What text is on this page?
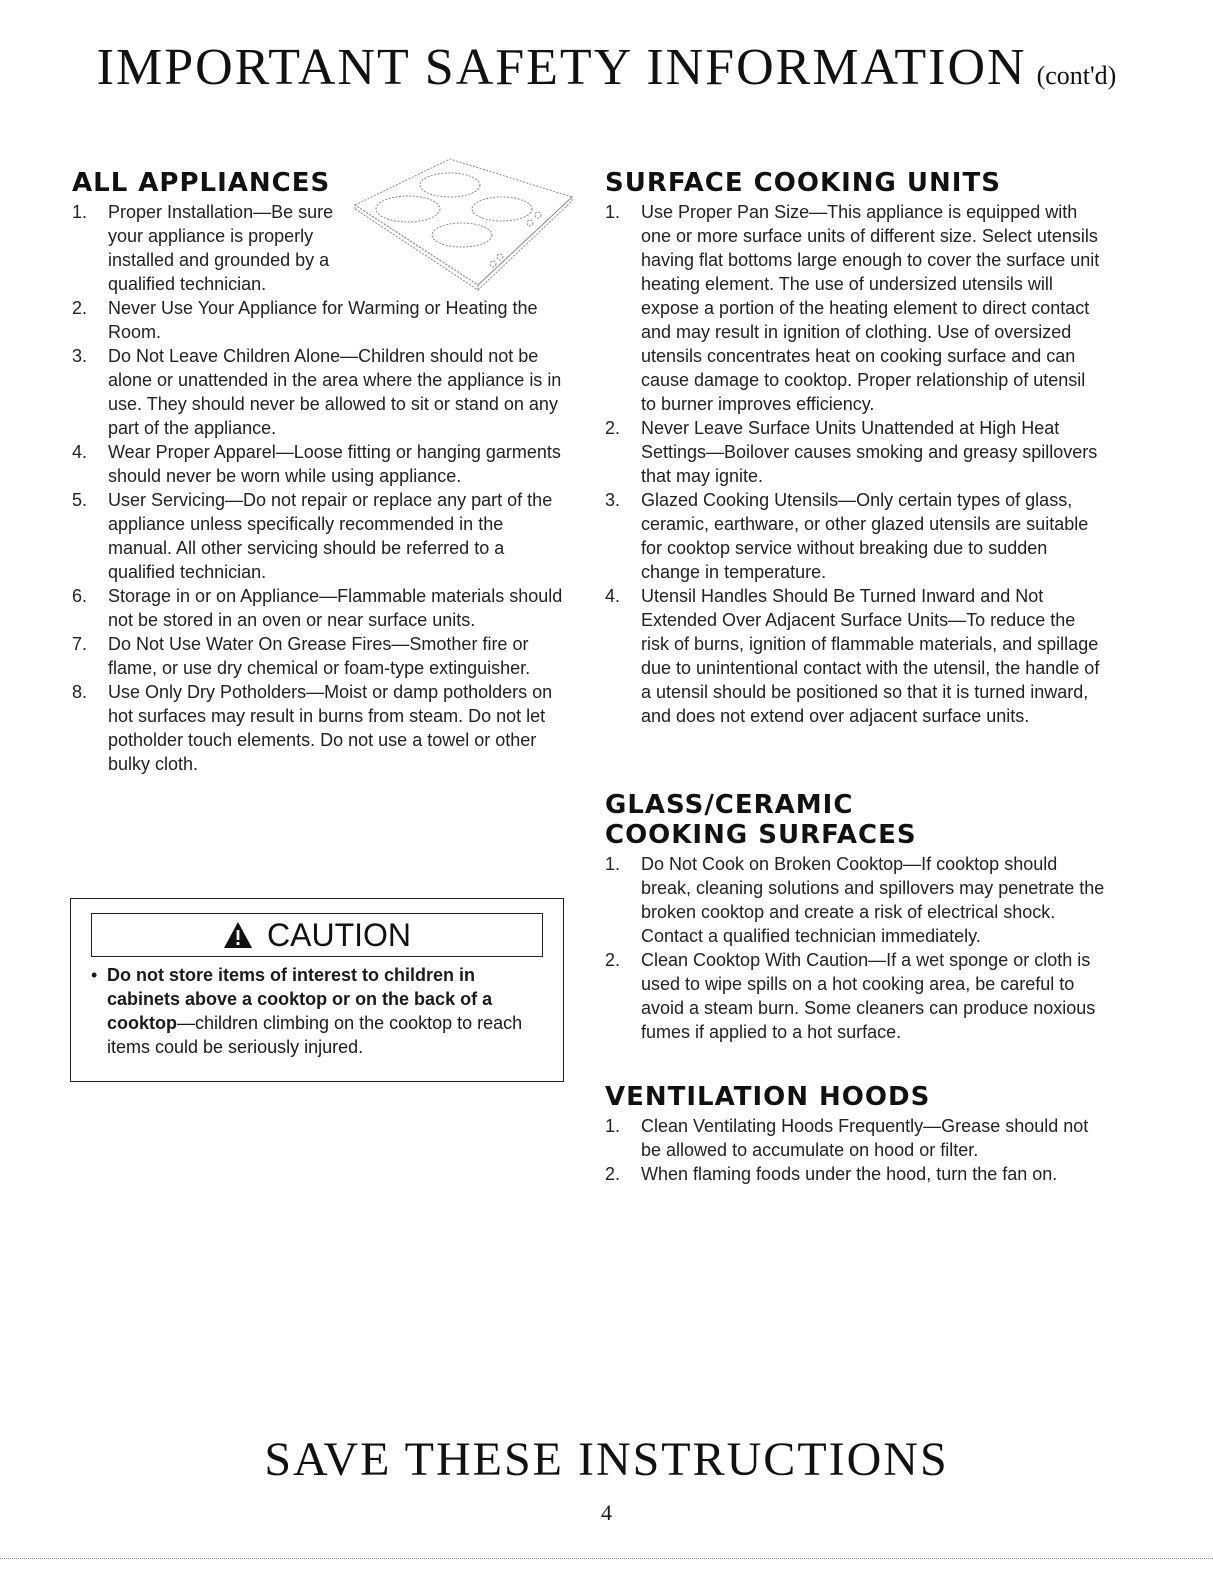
IMPORTANT SAFETY INFORMATION (cont'd)
ALL APPLIANCES
1. Proper Installation—Be sure your appliance is properly installed and grounded by a qualified technician.
2. Never Use Your Appliance for Warming or Heating the Room.
3. Do Not Leave Children Alone—Children should not be alone or unattended in the area where the appliance is in use. They should never be allowed to sit or stand on any part of the appliance.
4. Wear Proper Apparel—Loose fitting or hanging garments should never be worn while using appliance.
5. User Servicing—Do not repair or replace any part of the appliance unless specifically recommended in the manual. All other servicing should be referred to a qualified technician.
6. Storage in or on Appliance—Flammable materials should not be stored in an oven or near surface units.
7. Do Not Use Water On Grease Fires—Smother fire or flame, or use dry chemical or foam-type extinguisher.
8. Use Only Dry Potholders—Moist or damp potholders on hot surfaces may result in burns from steam. Do not let potholder touch elements. Do not use a towel or other bulky cloth.
CAUTION
• Do not store items of interest to children in cabinets above a cooktop or on the back of a cooktop—children climbing on the cooktop to reach items could be seriously injured.
SURFACE COOKING UNITS
1. Use Proper Pan Size—This appliance is equipped with one or more surface units of different size. Select utensils having flat bottoms large enough to cover the surface unit heating element. The use of undersized utensils will expose a portion of the heating element to direct contact and may result in ignition of clothing. Use of oversized utensils concentrates heat on cooking surface and can cause damage to cooktop. Proper relationship of utensil to burner improves efficiency.
2. Never Leave Surface Units Unattended at High Heat Settings—Boilover causes smoking and greasy spillovers that may ignite.
3. Glazed Cooking Utensils—Only certain types of glass, ceramic, earthware, or other glazed utensils are suitable for cooktop service without breaking due to sudden change in temperature.
4. Utensil Handles Should Be Turned Inward and Not Extended Over Adjacent Surface Units—To reduce the risk of burns, ignition of flammable materials, and spillage due to unintentional contact with the utensil, the handle of a utensil should be positioned so that it is turned inward, and does not extend over adjacent surface units.
GLASS/CERAMIC
COOKING SURFACES
1. Do Not Cook on Broken Cooktop—If cooktop should break, cleaning solutions and spillovers may penetrate the broken cooktop and create a risk of electrical shock. Contact a qualified technician immediately.
2. Clean Cooktop With Caution—If a wet sponge or cloth is used to wipe spills on a hot cooking area, be careful to avoid a steam burn. Some cleaners can produce noxious fumes if applied to a hot surface.
VENTILATION HOODS
1. Clean Ventilating Hoods Frequently—Grease should not be allowed to accumulate on hood or filter.
2. When flaming foods under the hood, turn the fan on.
SAVE THESE INSTRUCTIONS
4
